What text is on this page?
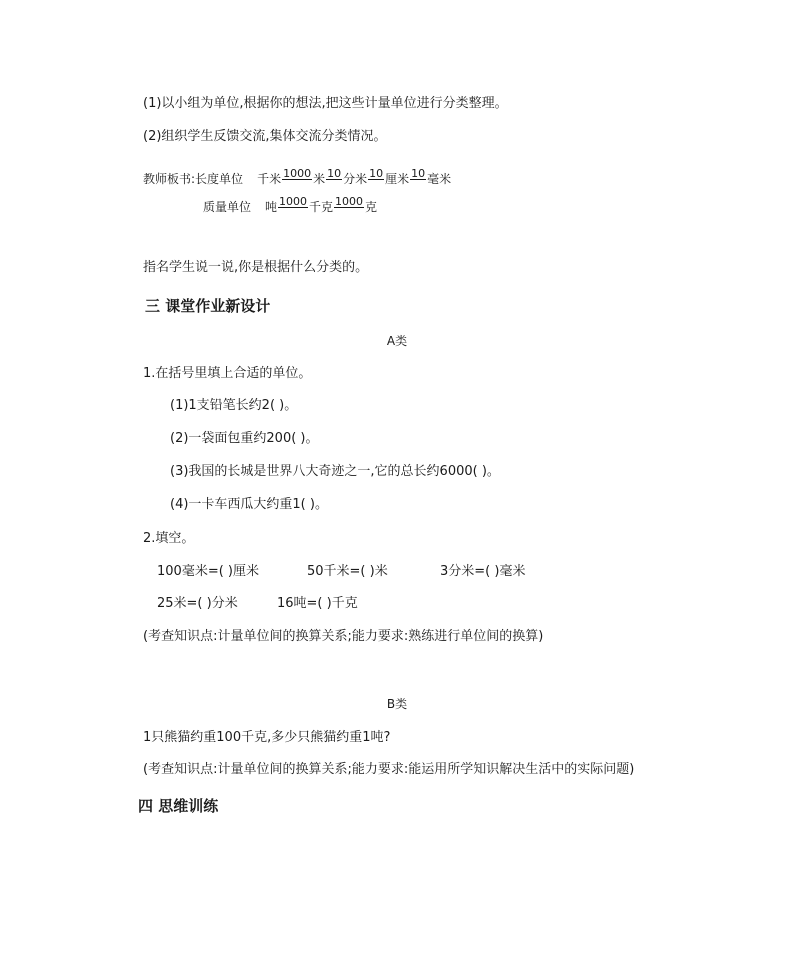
(1)以小组为单位,根据你的想法,把这些计量单位进行分类整理。
(2)组织学生反馈交流,集体交流分类情况。
教师板书:长度单位 千米 1000 米 10 分米 10 厘米 10 毫米
质量单位 吨 1000 千克 1000 克
指名学生说一说,你是根据什么分类的。
三 课堂作业新设计
A类
1.在括号里填上合适的单位。
(1)1支铅笔长约2( )。
(2)一袋面包重约200( )。
(3)我国的长城是世界八大奇迹之一,它的总长约6000( )。
(4)一卡车西瓜大约重1( )。
2.填空。
100毫米=( )厘米	50千米=( )米	3分米=( )毫米
25米=( )分米	16吨=( )千克
(考查知识点:计量单位间的换算关系;能力要求:熟练进行单位间的换算)
B类
1只熊猫约重100千克,多少只熊猫约重1吨?
(考查知识点:计量单位间的换算关系;能力要求:能运用所学知识解决生活中的实际问题)
四 思维训练
